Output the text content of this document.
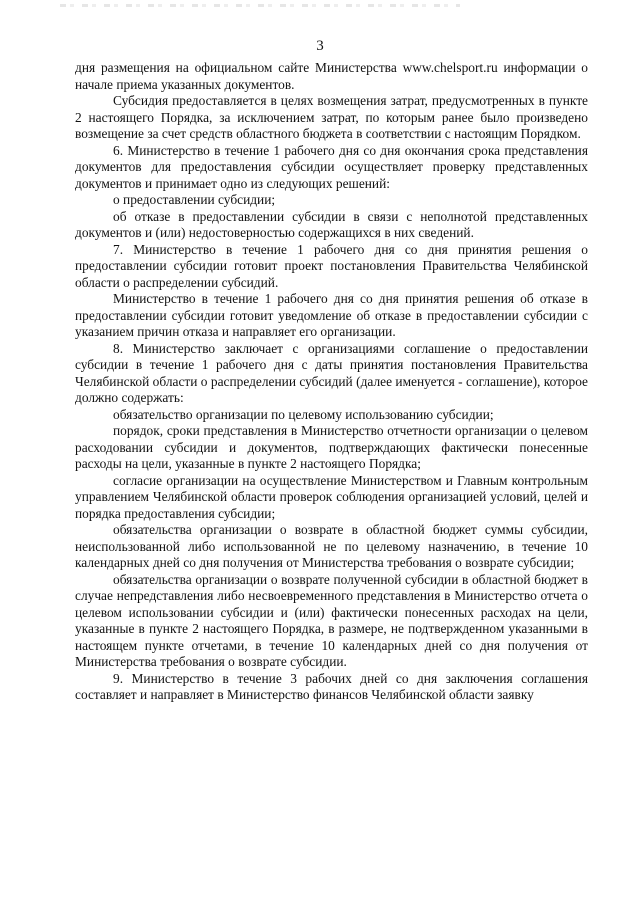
3

дня размещения на официальном сайте Министерства www.chelsport.ru информации о начале приема указанных документов.

Субсидия предоставляется в целях возмещения затрат, предусмотренных в пункте 2 настоящего Порядка, за исключением затрат, по которым ранее было произведено возмещение за счет средств областного бюджета в соответствии с настоящим Порядком.

6. Министерство в течение 1 рабочего дня со дня окончания срока представления документов для предоставления субсидии осуществляет проверку представленных документов и принимает одно из следующих решений:

о предоставлении субсидии;

об отказе в предоставлении субсидии в связи с неполнотой представленных документов и (или) недостоверностью содержащихся в них сведений.

7. Министерство в течение 1 рабочего дня со дня принятия решения о предоставлении субсидии готовит проект постановления Правительства Челябинской области о распределении субсидий.

Министерство в течение 1 рабочего дня со дня принятия решения об отказе в предоставлении субсидии готовит уведомление об отказе в предоставлении субсидии с указанием причин отказа и направляет его организации.

8. Министерство заключает с организациями соглашение о предоставлении субсидии в течение 1 рабочего дня с даты принятия постановления Правительства Челябинской области о распределении субсидий (далее именуется - соглашение), которое должно содержать:

обязательство организации по целевому использованию субсидии;

порядок, сроки представления в Министерство отчетности организации о целевом расходовании субсидии и документов, подтверждающих фактически понесенные расходы на цели, указанные в пункте 2 настоящего Порядка;

согласие организации на осуществление Министерством и Главным контрольным управлением Челябинской области проверок соблюдения организацией условий, целей и порядка предоставления субсидии;

обязательства организации о возврате в областной бюджет суммы субсидии, неиспользованной либо использованной не по целевому назначению, в течение 10 календарных дней со дня получения от Министерства требования о возврате субсидии;

обязательства организации о возврате полученной субсидии в областной бюджет в случае непредставления либо несвоевременного представления в Министерство отчета о целевом использовании субсидии и (или) фактически понесенных расходах на цели, указанные в пункте 2 настоящего Порядка, в размере, не подтвержденном указанными в настоящем пункте отчетами, в течение 10 календарных дней со дня получения от Министерства требования о возврате субсидии.

9. Министерство в течение 3 рабочих дней со дня заключения соглашения составляет и направляет в Министерство финансов Челябинской области заявку
